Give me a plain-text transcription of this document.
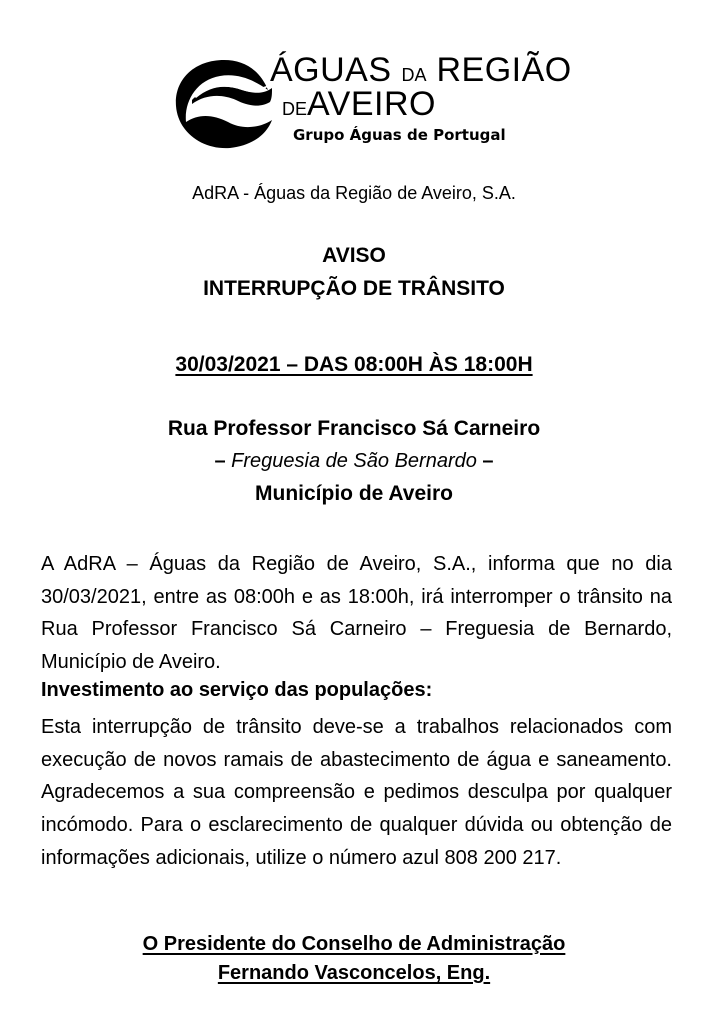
ÁGUAS DA REGIÃO
DEAVEIRO
Grupo Águas de Portugal
AdRA - Águas da Região de Aveiro, S.A.
AVISO
INTERRUPÇÃO DE TRÂNSITO
30/03/2021 – DAS 08:00H ÀS 18:00H
Rua Professor Francisco Sá Carneiro
– Freguesia de São Bernardo –
Município de Aveiro
A AdRA – Águas da Região de Aveiro, S.A., informa que no dia 30/03/2021, entre as 08:00h e as 18:00h, irá interromper o trânsito na Rua Professor Francisco Sá Carneiro – Freguesia de Bernardo, Município de Aveiro.
Investimento ao serviço das populações:
Esta interrupção de trânsito deve-se a trabalhos relacionados com execução de novos ramais de abastecimento de água e saneamento. Agradecemos a sua compreensão e pedimos desculpa por qualquer incómodo. Para o esclarecimento de qualquer dúvida ou obtenção de informações adicionais, utilize o número azul 808 200 217.
O Presidente do Conselho de Administração
Fernando Vasconcelos, Eng.
